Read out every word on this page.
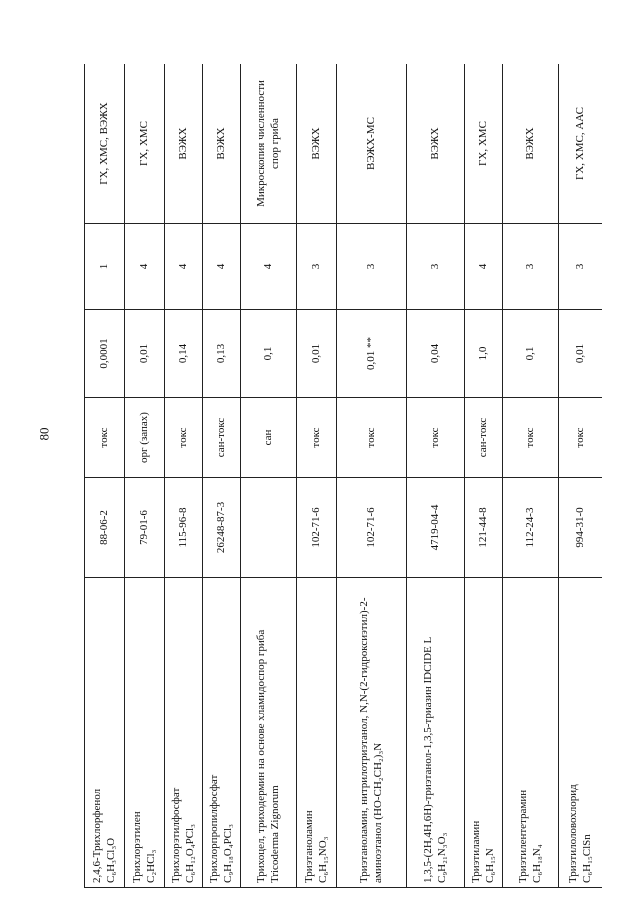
80
2,4,6-Трихлорфенол C₆H₃Cl₃O	88-06-2	токс	0,0001	1	ГХ, ХМС, ВЭЖХ
Трихлорэтилен C₂HCl₃	79-01-6	орг (запах)	0,01	4	ГХ, ХМС
Трихлорэтилфосфат C₆H₁₂O₄PCl₃	115-96-8	токс	0,14	4	ВЭЖХ
Трихлорпропилфосфат C₉H₁₈O₄PCl₃	26248-87-3	сан-токс	0,13	4	ВЭЖХ
Трихоцел, триходермин на основе хламидоспор гриба Tricoderma Zignorum		сан	0,1	4	Микроскопия численности спор гриба
Триэтаноламин C₆H₁₅NO₃	102-71-6	токс	0,01	3	ВЭЖХ
Триэтаноламин, нитрилотриэтанол, N,N-(2-гидроксиэтил)-2-аминоэтанол (HO-CH₂CH₂)₃N	102-71-6	токс	0,01 **	3	ВЭЖХ-МС
1,3,5-(2H,4H,6H)-триэтанол-1,3,5-триазин IDCIDE L C₉H₂₁N₃O₃	4719-04-4	токс	0,04	3	ВЭЖХ
Триэтиламин C₆H₁₅N	121-44-8	сан-токс	1,0	4	ГХ, ХМС
Триэтилентетрамин C₆H₁₈N₄	112-24-3	токс	0,1	3	ВЭЖХ
Триэтилоловохлорид C₆H₁₅ClSn	994-31-0	токс	0,01	3	ГХ, ХМС, ААС
